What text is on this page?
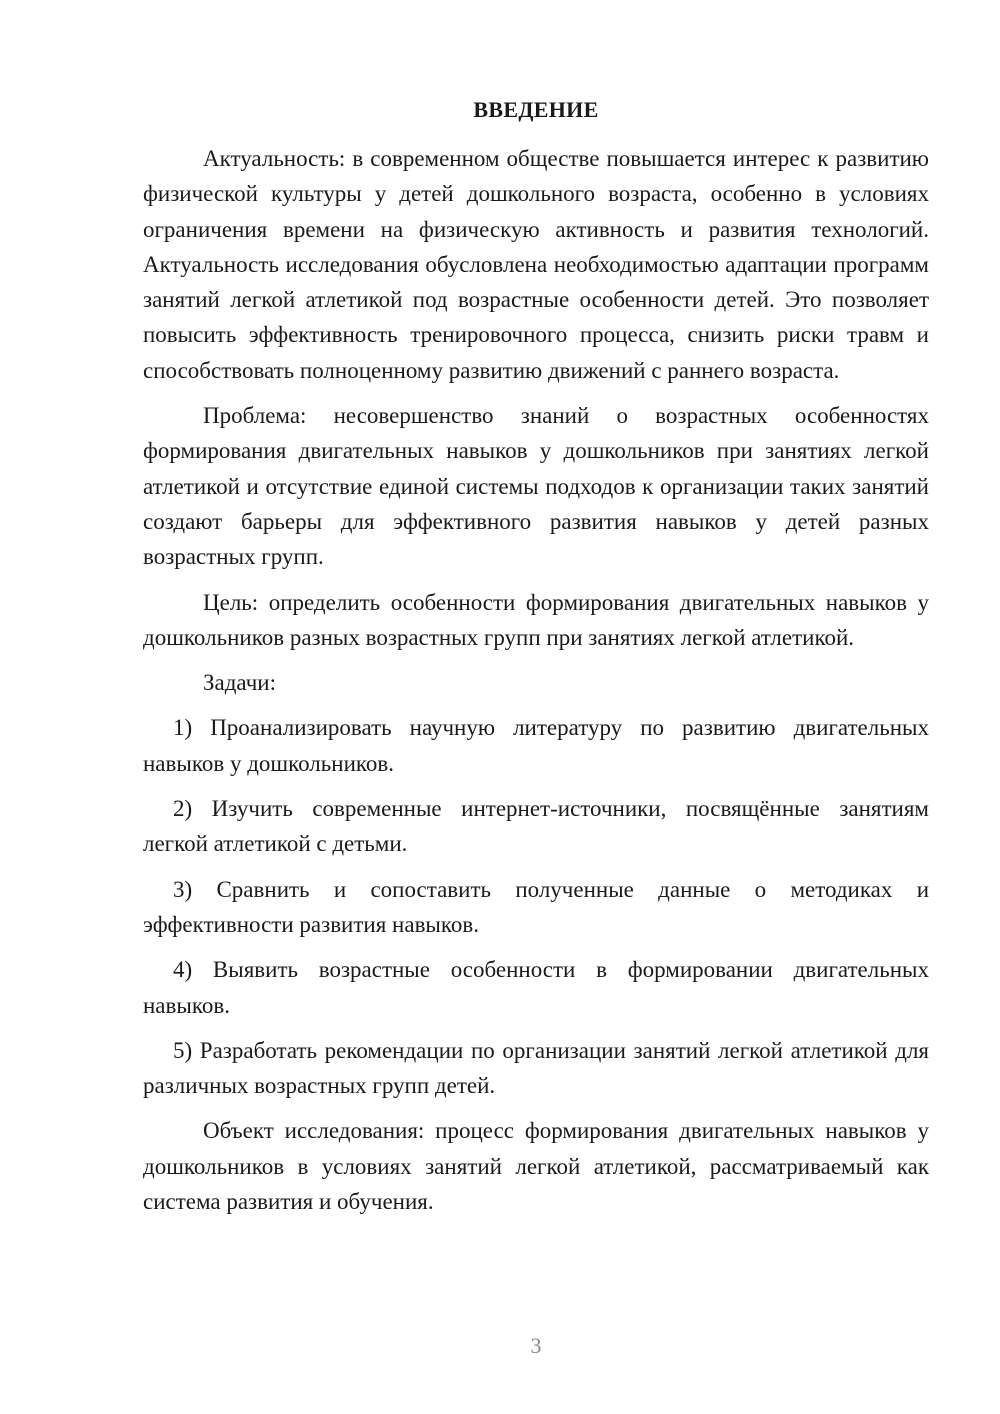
ВВЕДЕНИЕ

Актуальность: в современном обществе повышается интерес к развитию физической культуры у детей дошкольного возраста, особенно в условиях ограничения времени на физическую активность и развития технологий. Актуальность исследования обусловлена необходимостью адаптации программ занятий легкой атлетикой под возрастные особенности детей. Это позволяет повысить эффективность тренировочного процесса, снизить риски травм и способствовать полноценному развитию движений с раннего возраста.

Проблема: несовершенство знаний о возрастных особенностях формирования двигательных навыков у дошкольников при занятиях легкой атлетикой и отсутствие единой системы подходов к организации таких занятий создают барьеры для эффективного развития навыков у детей разных возрастных групп.

Цель: определить особенности формирования двигательных навыков у дошкольников разных возрастных групп при занятиях легкой атлетикой.

Задачи:

1) Проанализировать научную литературу по развитию двигательных навыков у дошкольников.

2) Изучить современные интернет-источники, посвящённые занятиям легкой атлетикой с детьми.

3) Сравнить и сопоставить полученные данные о методиках и эффективности развития навыков.

4) Выявить возрастные особенности в формировании двигательных навыков.

5) Разработать рекомендации по организации занятий легкой атлетикой для различных возрастных групп детей.

Объект исследования: процесс формирования двигательных навыков у дошкольников в условиях занятий легкой атлетикой, рассматриваемый как система развития и обучения.

3
